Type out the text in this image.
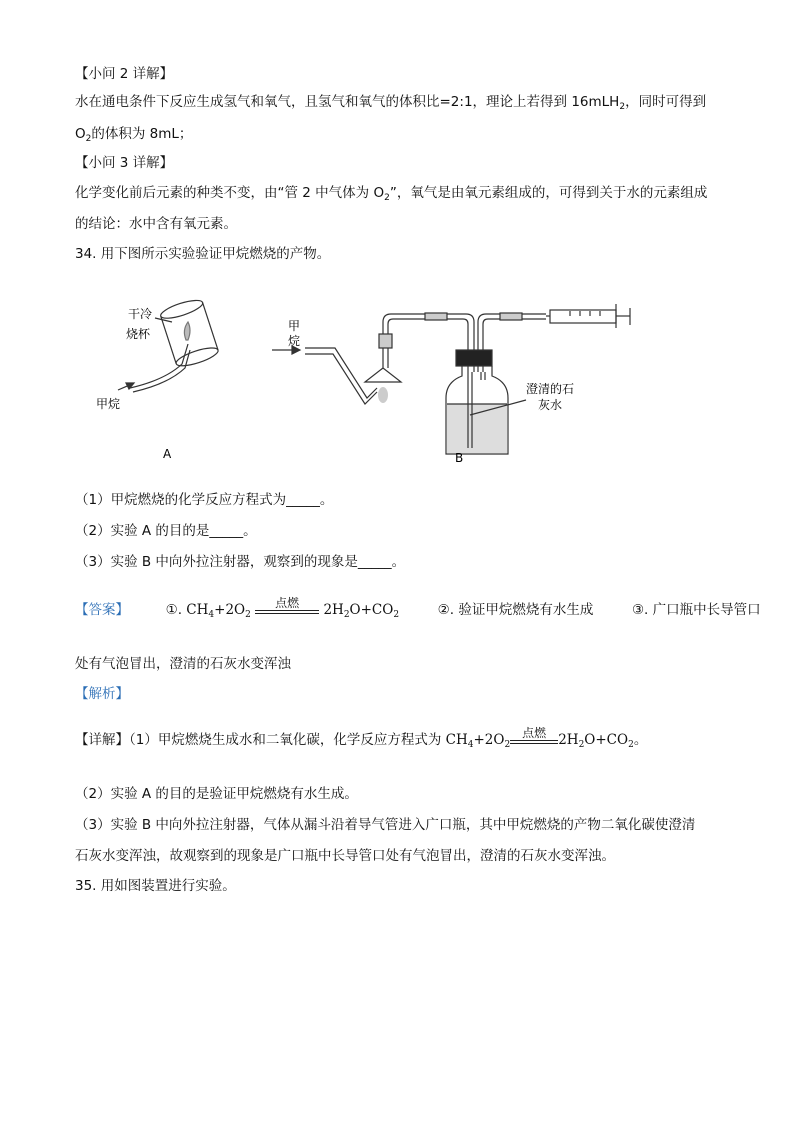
【小问 2 详解】
水在通电条件下反应生成氢气和氧气，且氢气和氧气的体积比=2:1，理论上若得到 16mLH$_2$，同时可得到
$O_2$的体积为 8mL；
【小问 3 详解】
化学变化前后元素的种类不变，由“管 2 中气体为 $O_2$”，氧气是由氧元素组成的，可得到关于水的元素组成
的结论：水中含有氧元素。
34. 用下图所示实验验证甲烷燃烧的产物。
干冷
烧杯
甲烷
A
甲
烷
澄清的石
灰水
B
（1）甲烷燃烧的化学反应方程式为_____。
（2）实验 A 的目的是_____。
（3）实验 B 中向外拉注射器，观察到的现象是_____。
【答案】	①. $CH_4+2O_2$
点燃	$2H_2O+CO_2$	②. 验证甲烷燃烧有水生成	③. 广口瓶中长导管口
处有气泡冒出，澄清的石灰水变浑浊
【解析】
【详解】（1）甲烷燃烧生成水和二氧化碳，化学反应方程式为 $CH_4+2O_2$
点燃 $2H_2O+CO_2$。
（2）实验 A 的目的是验证甲烷燃烧有水生成。
（3）实验 B 中向外拉注射器，气体从漏斗沿着导气管进入广口瓶，其中甲烷燃烧的产物二氧化碳使澄清
石灰水变浑浊，故观察到的现象是广口瓶中长导管口处有气泡冒出，澄清的石灰水变浑浊。
35. 用如图装置进行实验。
